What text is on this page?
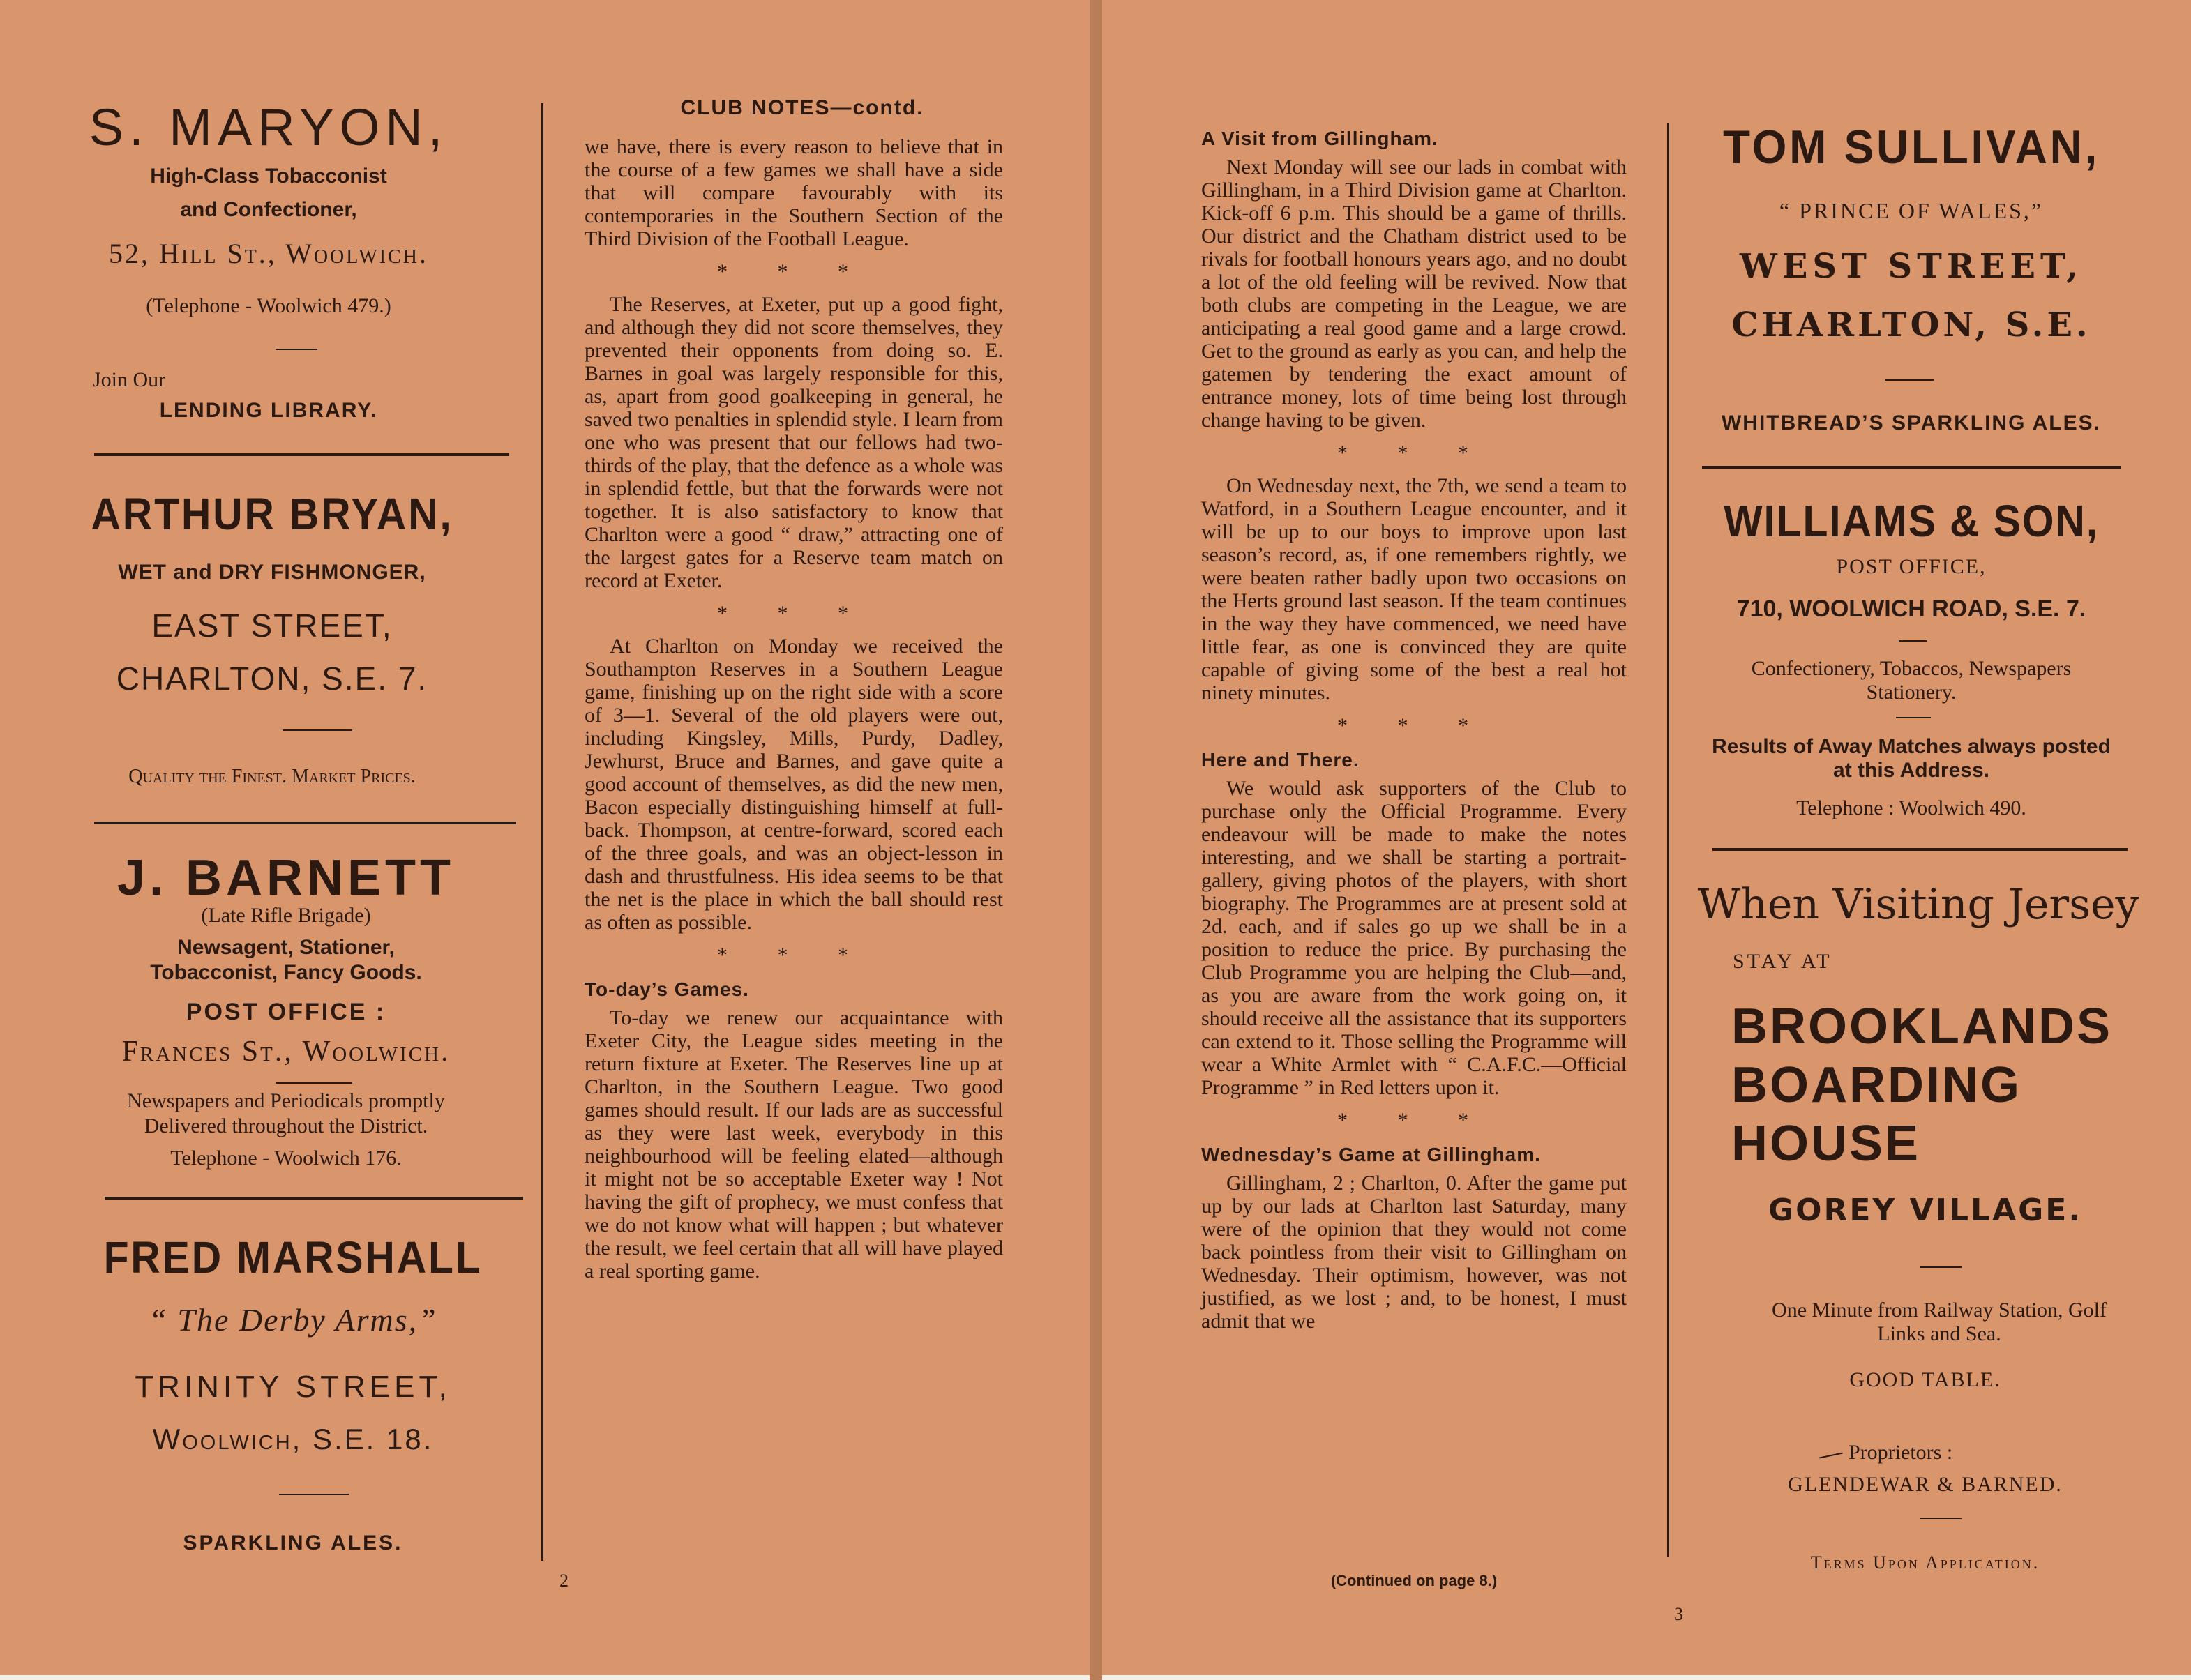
S. MARYON,
High-Class Tobacconist
and Confectioner,
52, Hill St., Woolwich.
(Telephone - Woolwich 479.)
Join Our
LENDING LIBRARY.
ARTHUR BRYAN,
WET and DRY FISHMONGER,
EAST STREET,
CHARLTON, S.E. 7.
Quality the Finest. Market Prices.
J. BARNETT
(Late Rifle Brigade)
Newsagent, Stationer,
Tobacconist, Fancy Goods.
POST OFFICE :
Frances St., Woolwich.
Newspapers and Periodicals promptly
Delivered throughout the District.
Telephone - Woolwich 176.
FRED MARSHALL
“ The Derby Arms,”
TRINITY STREET,
Woolwich, S.E. 18.
SPARKLING ALES.
CLUB NOTES—contd.

we have, there is every reason to believe that in the course of a few games we shall have a side that will compare favourably with its contemporaries in the Southern Section of the Third Division of the Football League.

* * *

The Reserves, at Exeter, put up a good fight, and although they did not score themselves, they prevented their opponents from doing so. E. Barnes in goal was largely responsible for this, as, apart from good goalkeeping in general, he saved two penalties in splendid style. I learn from one who was present that our fellows had two-thirds of the play, that the defence as a whole was in splendid fettle, but that the forwards were not together. It is also satisfactory to know that Charlton were a good “ draw,” attracting one of the largest gates for a Reserve team match on record at Exeter.

* * *

At Charlton on Monday we received the Southampton Reserves in a Southern League game, finishing up on the right side with a score of 3—1. Several of the old players were out, including Kingsley, Mills, Purdy, Dadley, Jewhurst, Bruce and Barnes, and gave quite a good account of themselves, as did the new men, Bacon especially distinguishing himself at full-back. Thompson, at centre-forward, scored each of the three goals, and was an object-lesson in dash and thrustfulness. His idea seems to be that the net is the place in which the ball should rest as often as possible.

* * *
To-day’s Games.

To-day we renew our acquaintance with Exeter City, the League sides meeting in the return fixture at Exeter. The Reserves line up at Charlton, in the Southern League. Two good games should result. If our lads are as successful as they were last week, everybody in this neighbourhood will be feeling elated—although it might not be so acceptable Exeter way ! Not having the gift of prophecy, we must confess that we do not know what will happen ; but whatever the result, we feel certain that all will have played a real sporting game.

2
A Visit from Gillingham.

Next Monday will see our lads in combat with Gillingham, in a Third Division game at Charlton. Kick-off 6 p.m. This should be a game of thrills. Our district and the Chatham district used to be rivals for football honours years ago, and no doubt a lot of the old feeling will be revived. Now that both clubs are competing in the League, we are anticipating a real good game and a large crowd. Get to the ground as early as you can, and help the gatemen by tendering the exact amount of entrance money, lots of time being lost through change having to be given.

* * *

On Wednesday next, the 7th, we send a team to Watford, in a Southern League encounter, and it will be up to our boys to improve upon last season’s record, as, if one remembers rightly, we were beaten rather badly upon two occasions on the Herts ground last season. If the team continues in the way they have commenced, we need have little fear, as one is convinced they are quite capable of giving some of the best a real hot ninety minutes.

* * *
Here and There.

We would ask supporters of the Club to purchase only the Official Programme. Every endeavour will be made to make the notes interesting, and we shall be starting a portrait-gallery, giving photos of the players, with short biography. The Programmes are at present sold at 2d. each, and if sales go up we shall be in a position to reduce the price. By purchasing the Club Programme you are helping the Club—and, as you are aware from the work going on, it should receive all the assistance that its supporters can extend to it. Those selling the Programme will wear a White Armlet with “ C.A.F.C.—Official Programme ” in Red letters upon it.

* * *
Wednesday’s Game at Gillingham.

Gillingham, 2 ; Charlton, 0. After the game put up by our lads at Charlton last Saturday, many were of the opinion that they would not come back pointless from their visit to Gillingham on Wednesday. Their optimism, however, was not justified, as we lost ; and, to be honest, I must admit that we

(Continued on page 8.)
3
TOM SULLIVAN,
“ PRINCE OF WALES,”
WEST STREET,
CHARLTON, S.E.
WHITBREAD’S SPARKLING ALES.
WILLIAMS & SON,
POST OFFICE,
710, WOOLWICH ROAD, S.E. 7.
Confectionery, Tobaccos, Newspapers
Stationery.
Results of Away Matches always posted
at this Address.
Telephone : Woolwich 490.
When Visiting Jersey
STAY AT
BROOKLANDS
BOARDING
HOUSE
GOREY VILLAGE.
One Minute from Railway Station, Golf Links and Sea.
GOOD TABLE.
Proprietors :
GLENDEWAR & BARNED.
Terms Upon Application.
